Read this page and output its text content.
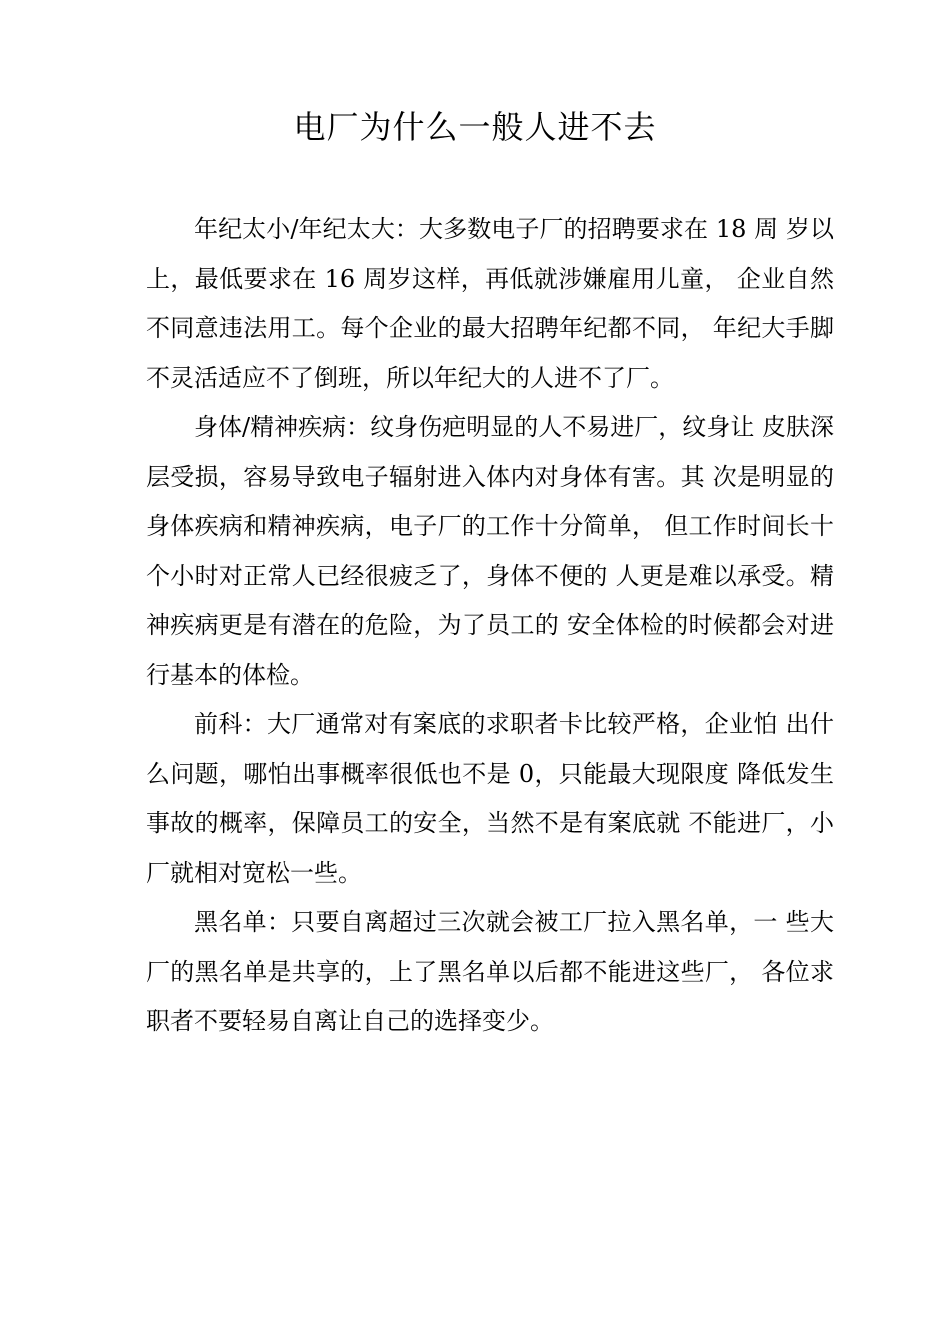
电厂为什么一般人进不去

年纪太小/年纪太大：大多数电子厂的招聘要求在 18 周 岁以上，最低要求在 16 周岁这样，再低就涉嫌雇用儿童， 企业自然不同意违法用工。每个企业的最大招聘年纪都不同， 年纪大手脚不灵活适应不了倒班，所以年纪大的人进不了厂。

身体/精神疾病：纹身伤疤明显的人不易进厂，纹身让 皮肤深层受损，容易导致电子辐射进入体内对身体有害。其 次是明显的身体疾病和精神疾病，电子厂的工作十分简单， 但工作时间长十个小时对正常人已经很疲乏了，身体不便的 人更是难以承受。精神疾病更是有潜在的危险，为了员工的 安全体检的时候都会对进行基本的体检。

前科：大厂通常对有案底的求职者卡比较严格，企业怕 出什么问题，哪怕出事概率很低也不是 0，只能最大现限度 降低发生事故的概率，保障员工的安全，当然不是有案底就 不能进厂，小厂就相对宽松一些。

黑名单：只要自离超过三次就会被工厂拉入黑名单，一 些大厂的黑名单是共享的，上了黑名单以后都不能进这些厂， 各位求职者不要轻易自离让自己的选择变少。
